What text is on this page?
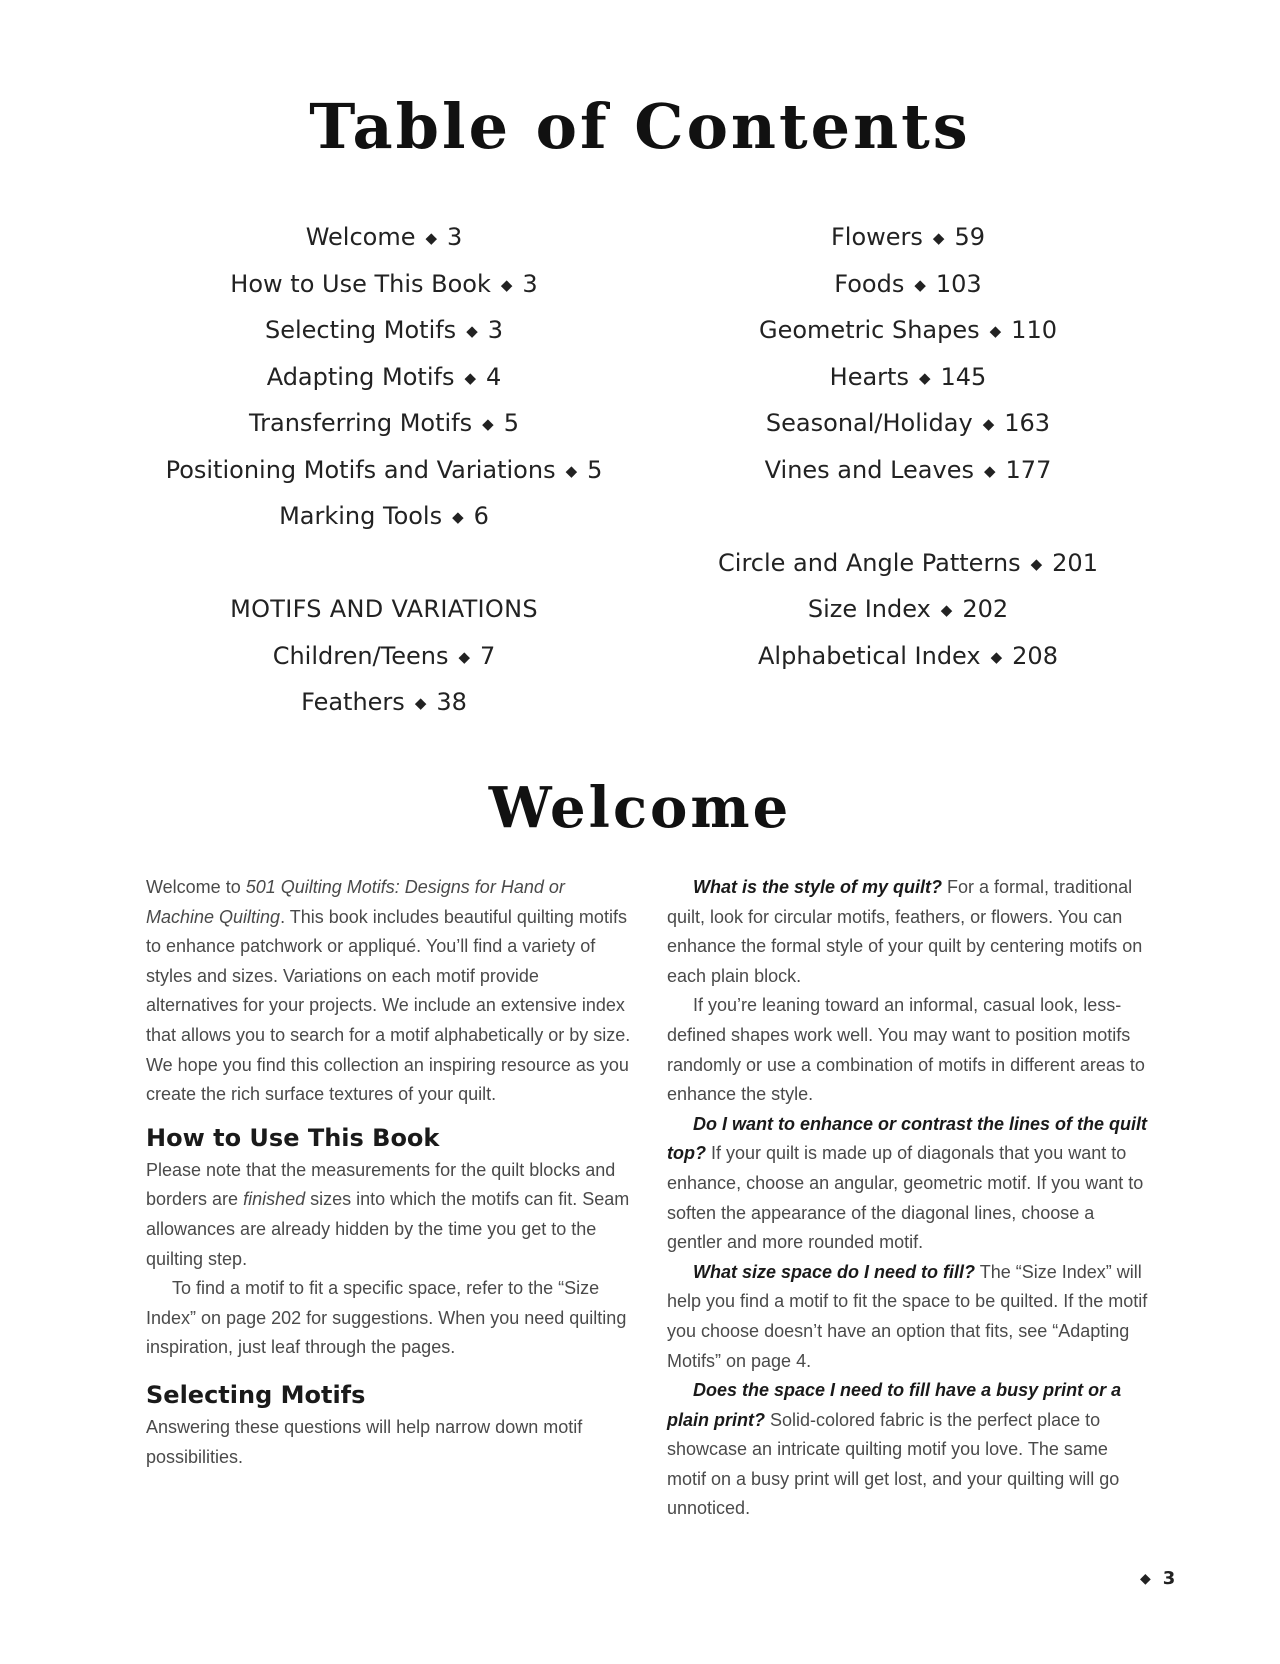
Table of Contents
Welcome ◆ 3
How to Use This Book ◆ 3
Selecting Motifs ◆ 3
Adapting Motifs ◆ 4
Transferring Motifs ◆ 5
Positioning Motifs and Variations ◆ 5
Marking Tools ◆ 6
MOTIFS AND VARIATIONS
Children/Teens ◆ 7
Feathers ◆ 38
Flowers ◆ 59
Foods ◆ 103
Geometric Shapes ◆ 110
Hearts ◆ 145
Seasonal/Holiday ◆ 163
Vines and Leaves ◆ 177
Circle and Angle Patterns ◆ 201
Size Index ◆ 202
Alphabetical Index ◆ 208
Welcome

Welcome to 501 Quilting Motifs: Designs for Hand or Machine Quilting. This book includes beautiful quilting motifs to enhance patchwork or appliqué. You’ll find a variety of styles and sizes. Variations on each motif provide alternatives for your projects. We include an extensive index that allows you to search for a motif alphabetically or by size. We hope you find this collection an inspiring resource as you create the rich surface textures of your quilt.

How to Use This Book

Please note that the measurements for the quilt blocks and borders are finished sizes into which the motifs can fit. Seam allowances are already hidden by the time you get to the quilting step.

To find a motif to fit a specific space, refer to the “Size Index” on page 202 for suggestions. When you need quilting inspiration, just leaf through the pages.

Selecting Motifs

Answering these questions will help narrow down motif possibilities.

What is the style of my quilt? For a formal, traditional quilt, look for circular motifs, feathers, or flowers. You can enhance the formal style of your quilt by centering motifs on each plain block.

If you’re leaning toward an informal, casual look, less-defined shapes work well. You may want to position motifs randomly or use a combination of motifs in different areas to enhance the style.

Do I want to enhance or contrast the lines of the quilt top? If your quilt is made up of diagonals that you want to enhance, choose an angular, geometric motif. If you want to soften the appearance of the diagonal lines, choose a gentler and more rounded motif.

What size space do I need to fill? The “Size Index” will help you find a motif to fit the space to be quilted. If the motif you choose doesn’t have an option that fits, see “Adapting Motifs” on page 4.

Does the space I need to fill have a busy print or a plain print? Solid-colored fabric is the perfect place to showcase an intricate quilting motif you love. The same motif on a busy print will get lost, and your quilting will go unnoticed.

◆ 3
